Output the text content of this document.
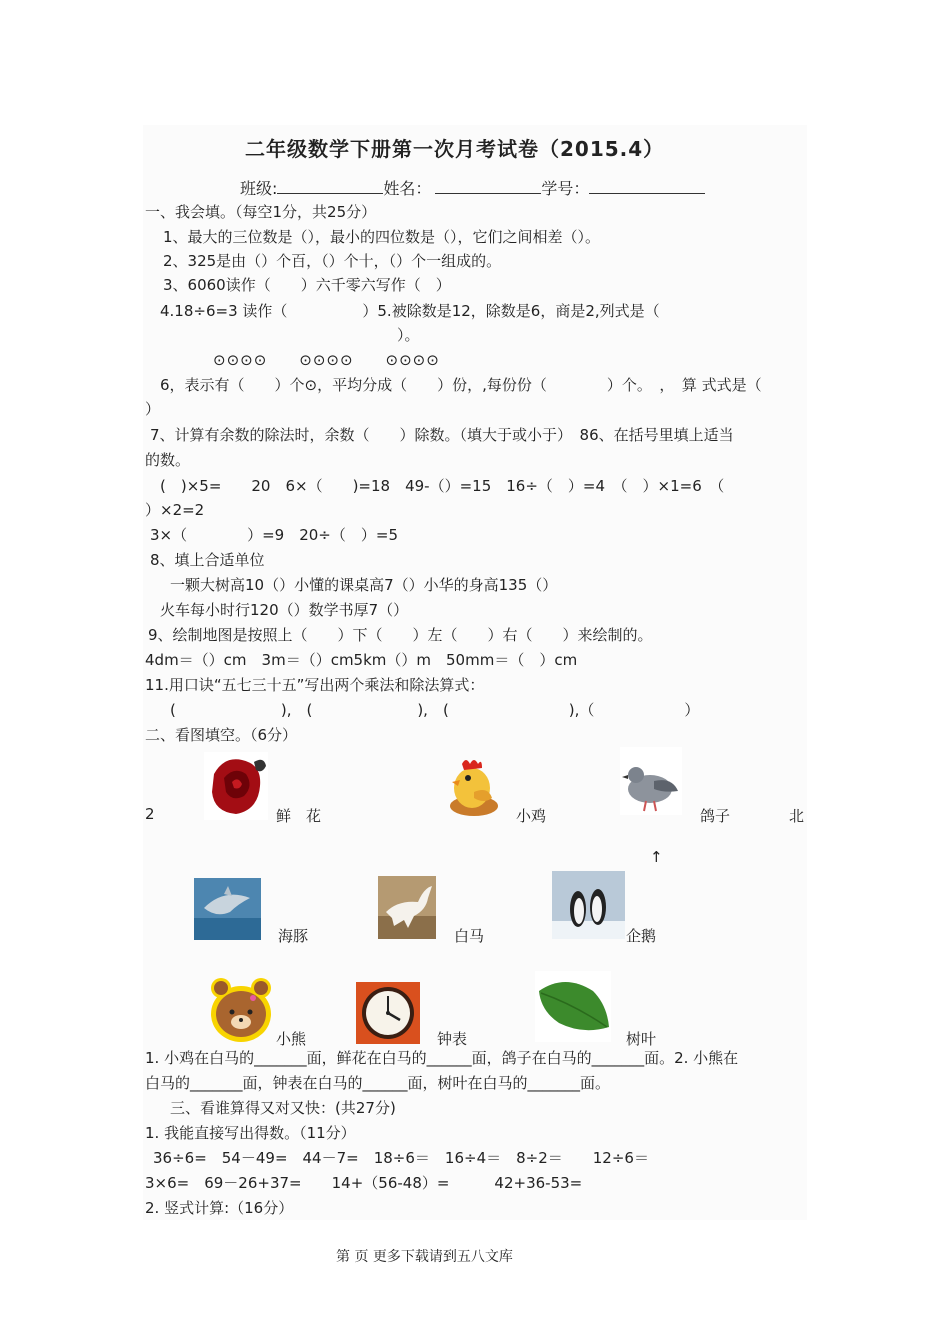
二年级数学下册第一次月考试卷（2015.4）
班级:	姓名：	学号：
一、我会填。（每空1分，共25分）
1、最大的三位数是（），最小的四位数是（），它们之间相差（）。
2、325是由（）个百，（）个十，（）个一组成的。
3、6060读作（　　）六千零六写作（　）
4.18÷6=3 读作（　　　　　）5.被除数是12，除数是6，商是2,列式是（
）。
⊙⊙⊙⊙　　⊙⊙⊙⊙　　⊙⊙⊙⊙
6，表示有（　　）个⊙，平均分成（　　）份，,每份份（　　　　）个。　，　算 式式是（
）
7、计算有余数的除法时，余数（　　）除数。（填大于或小于）　86、在括号里填上适当
的数。
(　)×5=　　20　6×（　　)=18　49-（）=15　16÷（　）=4　（　）×1=6　（
）×2=2
3×（　　　　）=9　20÷（　）=5
8、填上合适单位
一颗大树高10（）小懂的课桌高7（）小华的身高135（）
火车每小时行120（）数学书厚7（）
9、绘制地图是按照上（　　）下（　　）左（　　）右（　　）来绘制的。
4dm＝（）cm　3m＝（）cm5km（）m　50mm＝（　）cm
11.用口诀“五七三十五”写出两个乘法和除法算式：
(　　　　　　　),　(　　　　　　　),　(　　　　　　　　),（　　　　　　）
二、看图填空。（6分）
2	鲜　花	小鸡	鸽子	北
↑
海豚	白马	企鹅
小熊	钟表	树叶
1. 小鸡在白马的_______面，鲜花在白马的______面，鸽子在白马的_______面。2. 小熊在
白马的_______面，钟表在白马的______面，树叶在白马的_______面。
三、看谁算得又对又快：(共27分)
1. 我能直接写出得数。（11分）
36÷6=　54－49=　44－7=　18÷6＝　16÷4＝　8÷2＝　　12÷6＝
3×6=　69－26+37=　　14+（56-48）=　　　42+36-53=
2. 竖式计算:（16分）
第 页 更多下载请到五八文库
